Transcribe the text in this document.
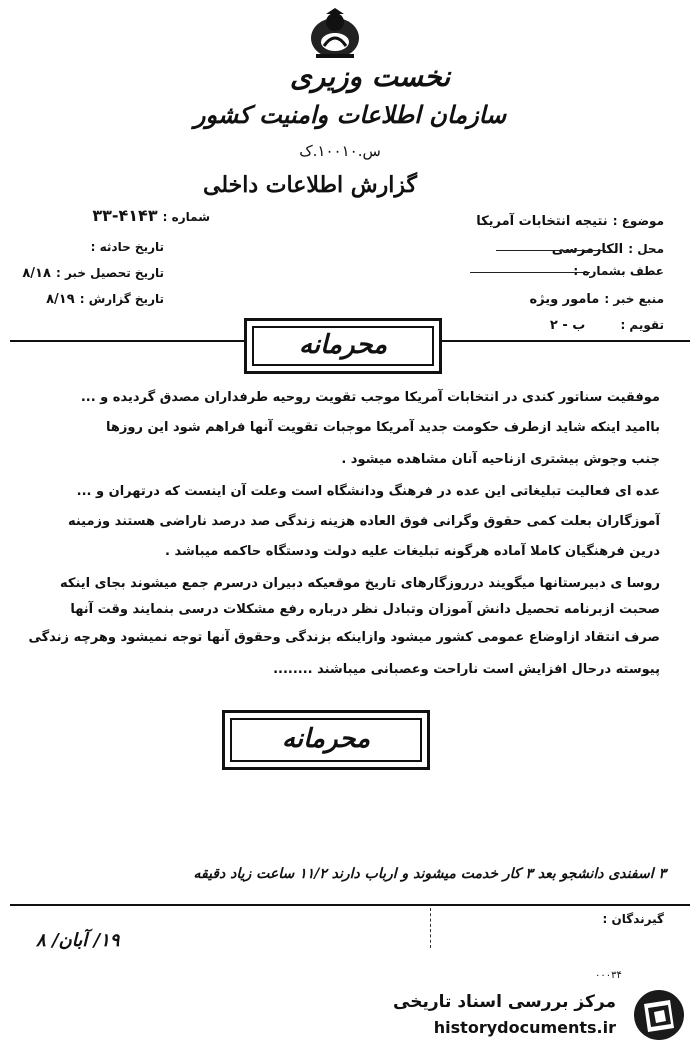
نخست وزیری
سازمان اطلاعات وامنیت کشور
س.۱۰۰۱۰.ک
گزارش اطلاعات داخلی
موضوع : نتیجه انتخابات آمریکا
محل : الکارمرسی
عطف بشماره :
منبع خبر : مامور ویژه
تقویم : ب - ۲
شماره : ۴۱۴۳-۳۳
تاریخ حادثه :
تاریخ تحصیل خبر : ۸/۱۸
تاریخ گزارش : ۸/۱۹
محرمانه
موفقیت سناتور کندی در انتخابات آمریکا موجب تقویت روحیه طرفداران مصدق گردیده و ...
باامید اینکه شاید ازطرف حکومت جدید آمریکا موجبات تقویت آنها فراهم شود این روزها
جنب وجوش بیشتری ازناحیه آنان مشاهده میشود .
عده ای فعالیت تبلیغاتی این عده در فرهنگ ودانشگاه است وعلت آن اینست که درتهران و ...
آموزگاران بعلت کمی حقوق وگرانی فوق العاده هزینه زندگی صد درصد ناراضی هستند وزمینه
درین فرهنگیان کاملا آماده هرگونه تبلیغات علیه دولت ودستگاه حاکمه میباشد .
روسا ی دبیرستانها میگویند درروزگارهای تاریخ موقعیکه دبیران درسرم جمع میشوند بجای اینکه
صحبت ازبرنامه تحصیل دانش آموزان وتبادل نظر درباره رفع مشکلات درسی بنمایند وقت آنها
صرف انتقاد ازاوضاع عمومی کشور میشود وازاینکه بزندگی وحقوق آنها توجه نمیشود وهرچه زندگی
پیوسته درحال افزایش است ناراحت وعصبانی میباشند ........
محرمانه
۳ اسفندی دانشجو بعد ۳ کار خدمت میشوند و ارباب دارند ۱۱/۲ ساعت زیاد دقیقه
گیرندگان :
۱۹/ آبان/ ۸
۰۰۰۳۴
مرکز بررسی اسناد تاریخی
historydocuments.ir
